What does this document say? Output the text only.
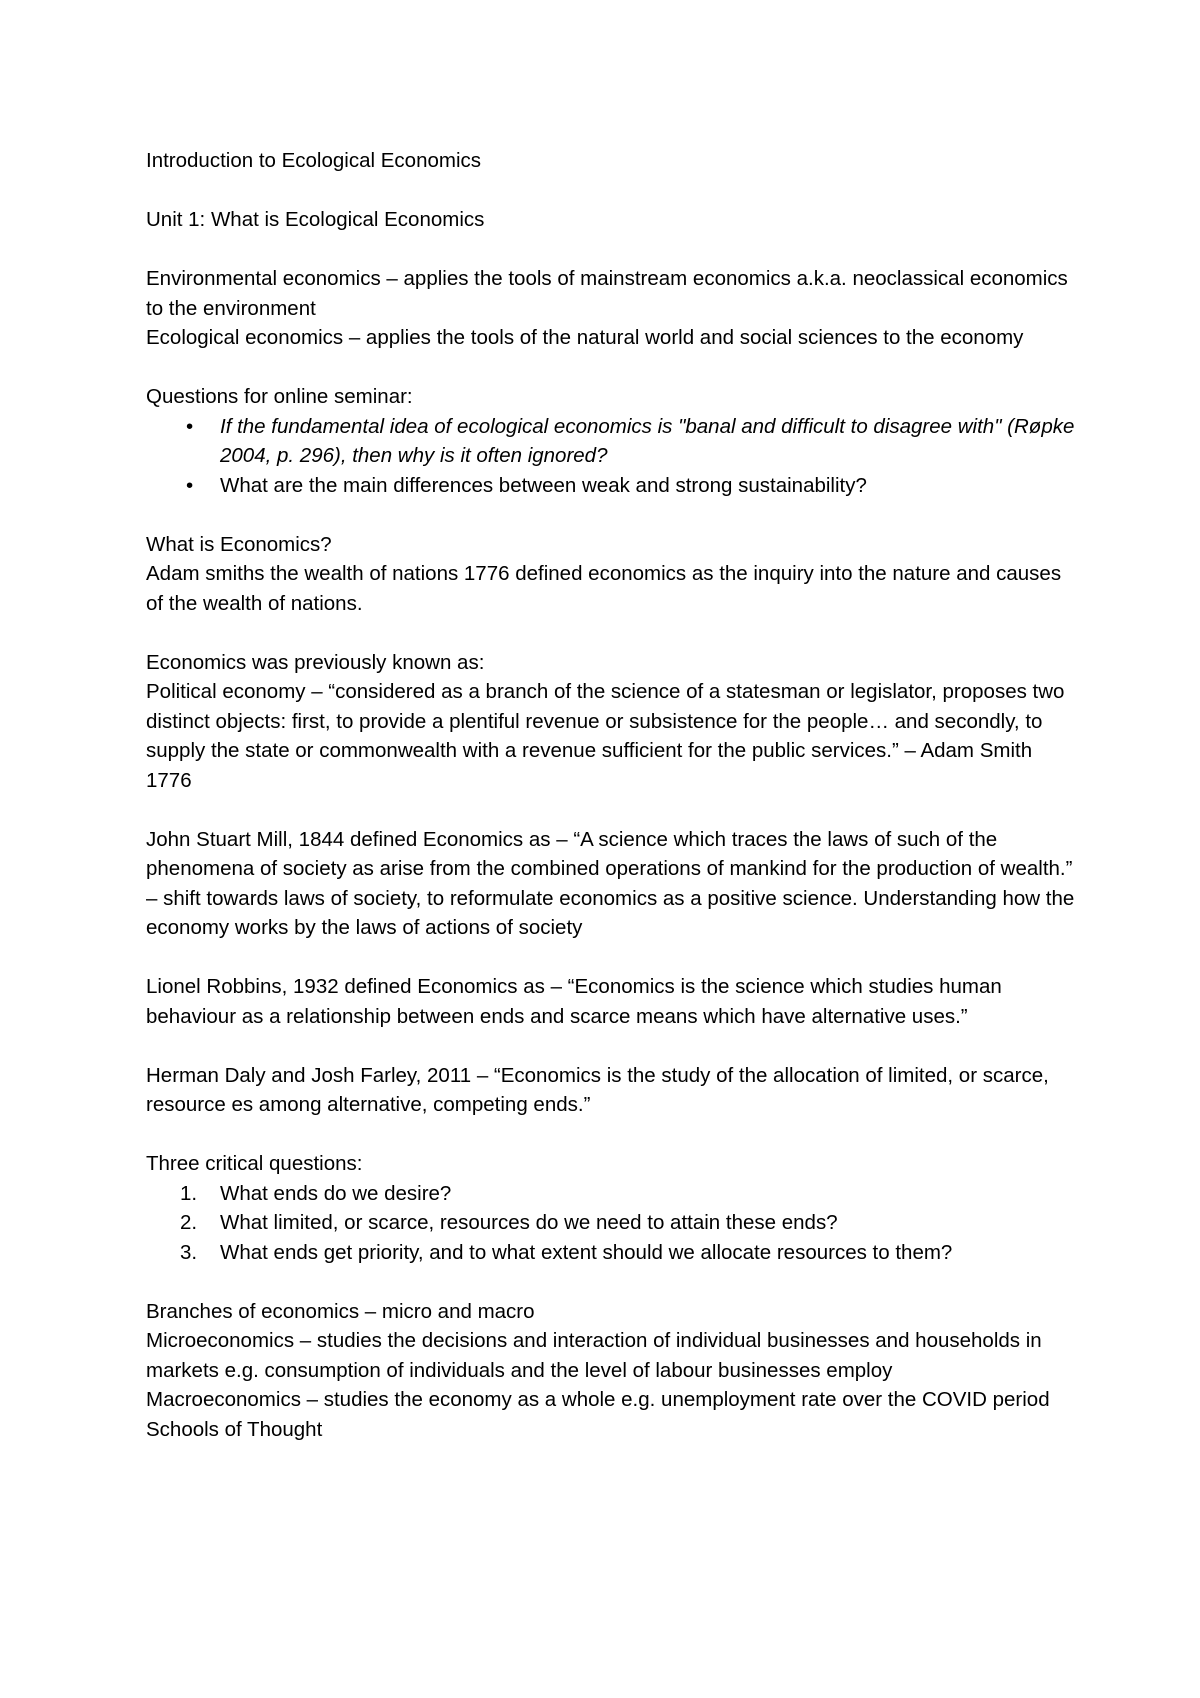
Introduction to Ecological Economics

Unit 1: What is Ecological Economics

Environmental economics – applies the tools of mainstream economics a.k.a. neoclassical economics to the environment

Ecological economics – applies the tools of the natural world and social sciences to the economy

Questions for online seminar:

•	If the fundamental idea of ecological economics is "banal and difficult to disagree with" (Røpke 2004, p. 296), then why is it often ignored?
•	What are the main differences between weak and strong sustainability?

What is Economics?

Adam smiths the wealth of nations 1776 defined economics as the inquiry into the nature and causes of the wealth of nations.

Economics was previously known as:

Political economy – “considered as a branch of the science of a statesman or legislator, proposes two distinct objects: first, to provide a plentiful revenue or subsistence for the people… and secondly, to supply the state or commonwealth with a revenue sufficient for the public services.” – Adam Smith 1776

John Stuart Mill, 1844 defined Economics as – “A science which traces the laws of such of the phenomena of society as arise from the combined operations of mankind for the production of wealth.” – shift towards laws of society, to reformulate economics as a positive science. Understanding how the economy works by the laws of actions of society

Lionel Robbins, 1932 defined Economics as – “Economics is the science which studies human behaviour as a relationship between ends and scarce means which have alternative uses.”

Herman Daly and Josh Farley, 2011 – “Economics is the study of the allocation of limited, or scarce, resource es among alternative, competing ends.”

Three critical questions:

1.	What ends do we desire?
2.	What limited, or scarce, resources do we need to attain these ends?
3.	What ends get priority, and to what extent should we allocate resources to them?

Branches of economics – micro and macro

Microeconomics – studies the decisions and interaction of individual businesses and households in markets e.g. consumption of individuals and the level of labour businesses employ

Macroeconomics – studies the economy as a whole e.g. unemployment rate over the COVID period

Schools of Thought
